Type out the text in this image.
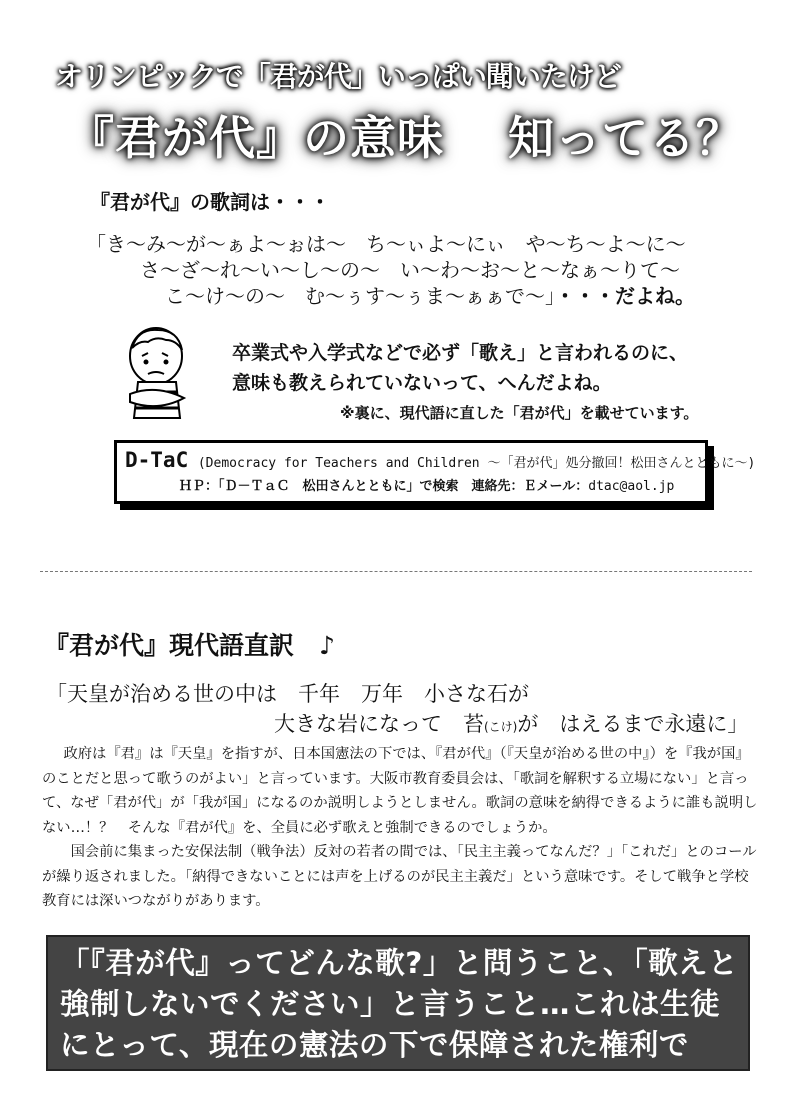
オリンピックで「君が代」いっぱい聞いたけど
『君が代』の意味　 知ってる？
『君が代』の歌詞は・・・
「き～み～が～ぁよ～ぉは～　ち～ぃよ～にぃ　や～ち～よ～に～
さ～ざ～れ～い～し～の～　い～わ～お～と～なぁ～りて～
こ～け～の～　む～ぅす～ぅま～ぁぁで～」・・・だよね。
卒業式や入学式などで必ず「歌え」と言われるのに、
意味も教えられていないって、へんだよね。
※裏に、現代語に直した「君が代」を載せています。
D-TaC (Democracy for Teachers and Children ～「君が代」処分撤回！松田さんとともに～)
ＨＰ：「Ｄ－ＴａＣ　松田さんとともに」で検索　連絡先：Ｅメール：dtac@aol.jp
『君が代』現代語直訳　♪
「天皇が治める世の中は　千年　万年　小さな石が
大きな岩になって　苔(こけ)が　はえるまで永遠に」

政府は『君』は『天皇』を指すが、日本国憲法の下では、『君が代』（『天皇が治める世の中』）を『我が国』のことだと思って歌うのがよい」と言っています。大阪市教育委員会は、「歌詞を解釈する立場にない」と言って、なぜ「君が代」が「我が国」になるのか説明しようとしません。歌詞の意味を納得できるように誰も説明しない…！？　そんな『君が代』を、全員に必ず歌えと強制できるのでしょうか。

国会前に集まった安保法制（戦争法）反対の若者の間では、「民主主義ってなんだ？」「これだ」とのコールが繰り返されました。「納得できないことには声を上げるのが民主主義だ」という意味です。そして戦争と学校教育には深いつながりがあります。

「『君が代』ってどんな歌?」と問うこと、「歌えと強制しないでください」と言うこと…これは生徒にとって、現在の憲法の下で保障された権利です。
